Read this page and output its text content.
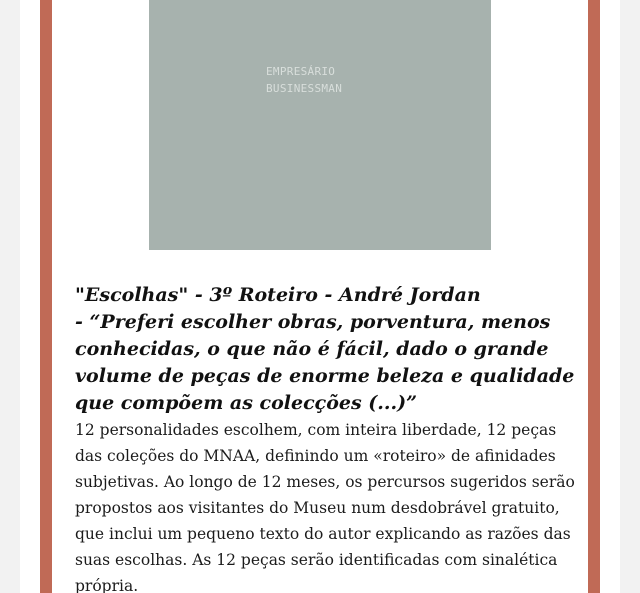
EMPRESÁRIO
BUSINESSMAN
"Escolhas" - 3º Roteiro - André Jordan
- “Preferi escolher obras, porventura, menos conhecidas, o que não é fácil, dado o grande volume de peças de enorme beleza e qualidade que compõem as colecções (...)”

12 personalidades escolhem, com inteira liberdade, 12 peças das coleções do MNAA, definindo um «roteiro» de afinidades subjetivas. Ao longo de 12 meses, os percursos sugeridos serão propostos aos visitantes do Museu num desdobrável gratuito, que inclui um pequeno texto do autor explicando as razões das suas escolhas. As 12 peças serão identificadas com sinalética própria.
